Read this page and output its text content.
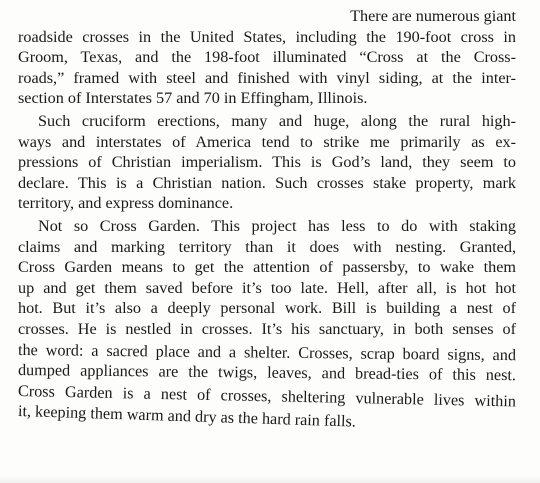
There are numerous giant
roadside crosses in the United States, including the 190-foot cross in
Groom, Texas, and the 198-foot illuminated “Cross at the Cross-
roads,” framed with steel and finished with vinyl siding, at the inter-
section of Interstates 57 and 70 in Effingham, Illinois.
Such cruciform erections, many and huge, along the rural high-
ways and interstates of America tend to strike me primarily as ex-
pressions of Christian imperialism. This is God’s land, they seem to
declare. This is a Christian nation. Such crosses stake property, mark
territory, and express dominance.
Not so Cross Garden. This project has less to do with staking
claims and marking territory than it does with nesting. Granted,
Cross Garden means to get the attention of passersby, to wake them
up and get them saved before it’s too late. Hell, after all, is hot hot
hot. But it’s also a deeply personal work. Bill is building a nest of
crosses. He is nestled in crosses. It’s his sanctuary, in both senses of
the word: a sacred place and a shelter. Crosses, scrap board signs, and
dumped appliances are the twigs, leaves, and bread-ties of this nest.
Cross Garden is a nest of crosses, sheltering vulnerable lives within
it, keeping them warm and dry as the hard rain falls.
